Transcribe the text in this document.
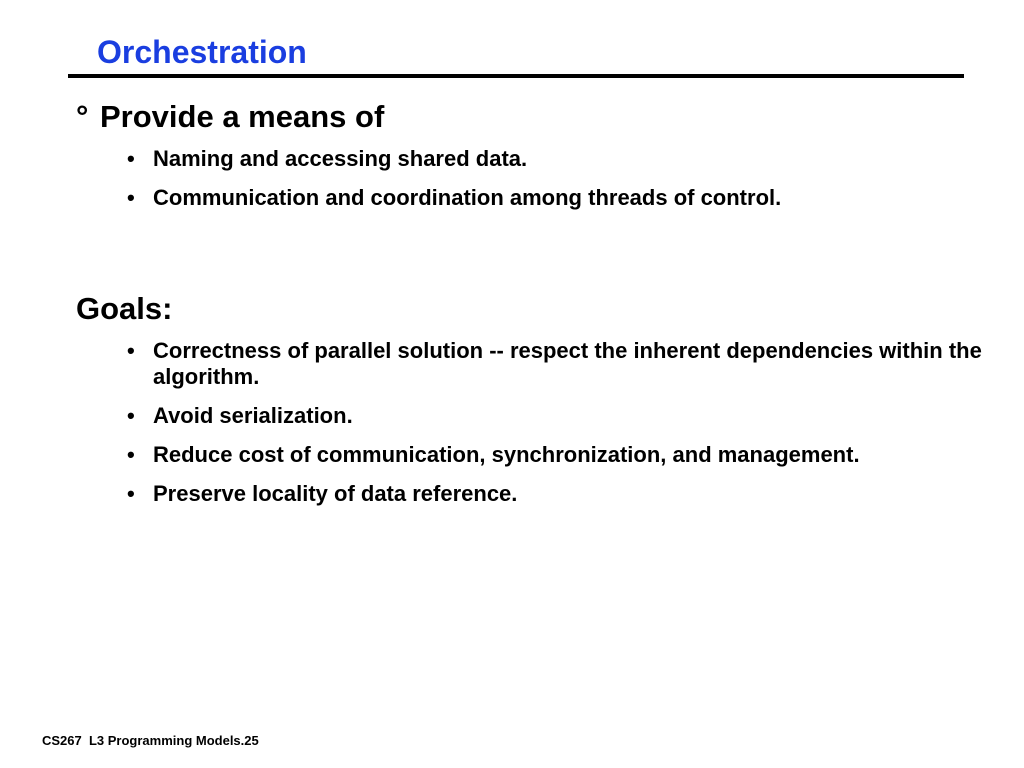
Orchestration
° Provide a means of
• Naming and accessing shared data.
• Communication and coordination among threads of control.
Goals:
• Correctness of parallel solution -- respect the inherent dependencies within the algorithm.
• Avoid serialization.
• Reduce cost of communication, synchronization, and management.
• Preserve locality of data reference.
CS267  L3 Programming Models.25
